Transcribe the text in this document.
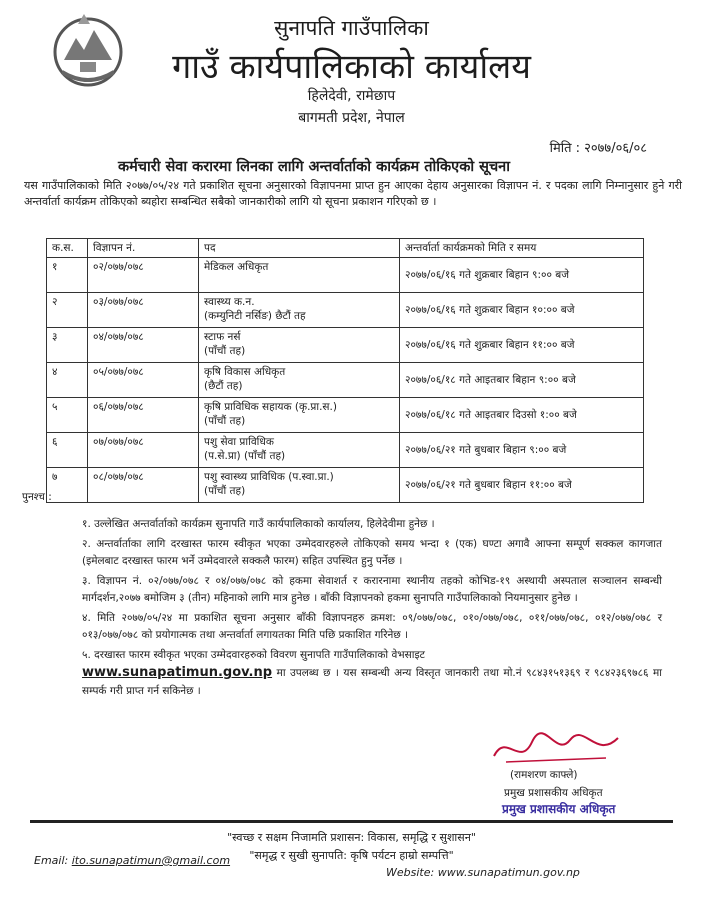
सुनापति गाउँपालिका
गाउँ कार्यपालिकाको कार्यालय
हिलेदेवी, रामेछाप
बागमती प्रदेश, नेपाल
मिति : २०७७/०६/०८
कर्मचारी सेवा करारमा लिनका लागि अन्तर्वार्ताको कार्यक्रम तोकिएको सूचना
यस गाउँपालिकाको मिति २०७७/०५/२४ गते प्रकाशित सूचना अनुसारको विज्ञापनमा प्राप्त हुन आएका देहाय अनुसारका विज्ञापन नं. र पदका लागि निम्नानुसार हुने गरी अन्तर्वार्ता कार्यक्रम तोकिएको ब्यहोरा सम्बन्धित सबैको जानकारीको लागि यो सूचना प्रकाशन गरिएको छ ।
क.स.	विज्ञापन नं.	पद	अन्तर्वार्ता कार्यक्रमको मिति र समय
१	०२/०७७/०७८	मेडिकल अधिकृत	२०७७/०६/१६ गते शुक्रबार बिहान ९:०० बजे
२	०३/०७७/०७८	स्वास्थ्य क.न.
(कम्युनिटी नर्सिङ) छैटौं तह	२०७७/०६/१६ गते शुक्रबार बिहान १०:०० बजे
३	०४/०७७/०७८	स्टाफ नर्स
(पाँचौं तह)	२०७७/०६/१६ गते शुक्रबार बिहान ११:०० बजे
४	०५/०७७/०७८	कृषि विकास अधिकृत
(छैटौं तह)	२०७७/०६/१८ गते आइतबार बिहान ९:०० बजे
५	०६/०७७/०७८	कृषि प्राविधिक सहायक (कृ.प्रा.स.)
(पाँचौं तह)	२०७७/०६/१८ गते आइतबार दिउसो १:०० बजे
६	०७/०७७/०७८	पशु सेवा प्राविधिक
(प.से.प्रा) (पाँचौं तह)	२०७७/०६/२१ गते बुधबार बिहान ९:०० बजे
७	०८/०७७/०७८	पशु स्वास्थ्य प्राविधिक (प.स्वा.प्रा.)
(पाँचौं तह)	२०७७/०६/२१ गते बुधबार बिहान ११:०० बजे
पुनश्च :

१. उल्लेखित अन्तर्वार्ताको कार्यक्रम सुनापति गाउँ कार्यपालिकाको कार्यालय, हिलेदेवीमा हुनेछ ।

२. अन्तर्वार्ताका लागि दरखास्त फारम स्वीकृत भएका उम्मेदवारहरुले तोकिएको समय भन्दा १ (एक) घण्टा अगावै आफ्ना सम्पूर्ण सक्कल कागजात (इमेलबाट दरखास्त फारम भर्ने उम्मेदवारले सक्कलै फारम) सहित उपस्थित हुनु पर्नेछ ।

३. विज्ञापन नं. ०२/०७७/०७८ र ०४/०७७/०७८ को हकमा सेवाशर्त र करारनामा स्थानीय तहको कोभिड-१९ अस्थायी अस्पताल सञ्चालन सम्बन्धी मार्गदर्शन,२०७७ बमोजिम ३ (तीन) महिनाको लागि मात्र हुनेछ । बाँकी विज्ञापनको हकमा सुनापति गाउँपालिकाको नियमानुसार हुनेछ ।

४. मिति २०७७/०५/२४ मा प्रकाशित सूचना अनुसार बाँकी विज्ञापनहरु क्रमश: ०९/०७७/०७८, ०१०/०७७/०७८, ०११/०७७/०७८, ०१२/०७७/०७८ र ०१३/०७७/०७८ को प्रयोगात्मक तथा अन्तर्वार्ता लगायतका मिति पछि प्रकाशित गरिनेछ ।

५. दरखास्त फारम स्वीकृत भएका उम्मेदवारहरुको विवरण सुनापति गाउँपालिकाको वेभसाइट
www.sunapatimun.gov.np मा उपलब्ध छ । यस सम्बन्धी अन्य विस्तृत जानकारी तथा मो.नं ९८४३१५१३६९ र ९८४२३६९७८६ मा सम्पर्क गरी प्राप्त गर्न सकिनेछ ।

(रामशरण काफ्ले)
प्रमुख प्रशासकीय अधिकृत
प्रमुख प्रशासकीय अधिकृत
"स्वच्छ र सक्षम निजामति प्रशासन: विकास, समृद्धि र सुशासन"
"समृद्ध र सुखी सुनापति: कृषि पर्यटन हाम्रो सम्पत्ति"
Email: ito.sunapatimun@gmail.com
Website: www.sunapatimun.gov.np
